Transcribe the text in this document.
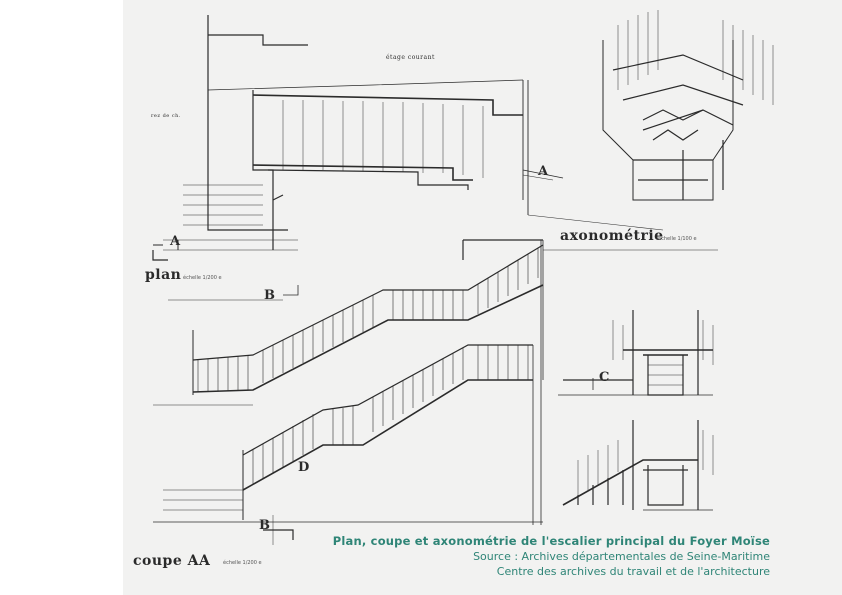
étage courant
rez de ch.
plan échelle 1/200 e
axonométrie
échelle 1/100 e
coupe AA	échelle 1/200 e
A
A
B
B
C
D
Plan, coupe et axonométrie de l'escalier principal du Foyer Moïse
Source : Archives départementales de Seine-Maritime
Centre des archives du travail et de l'architecture
